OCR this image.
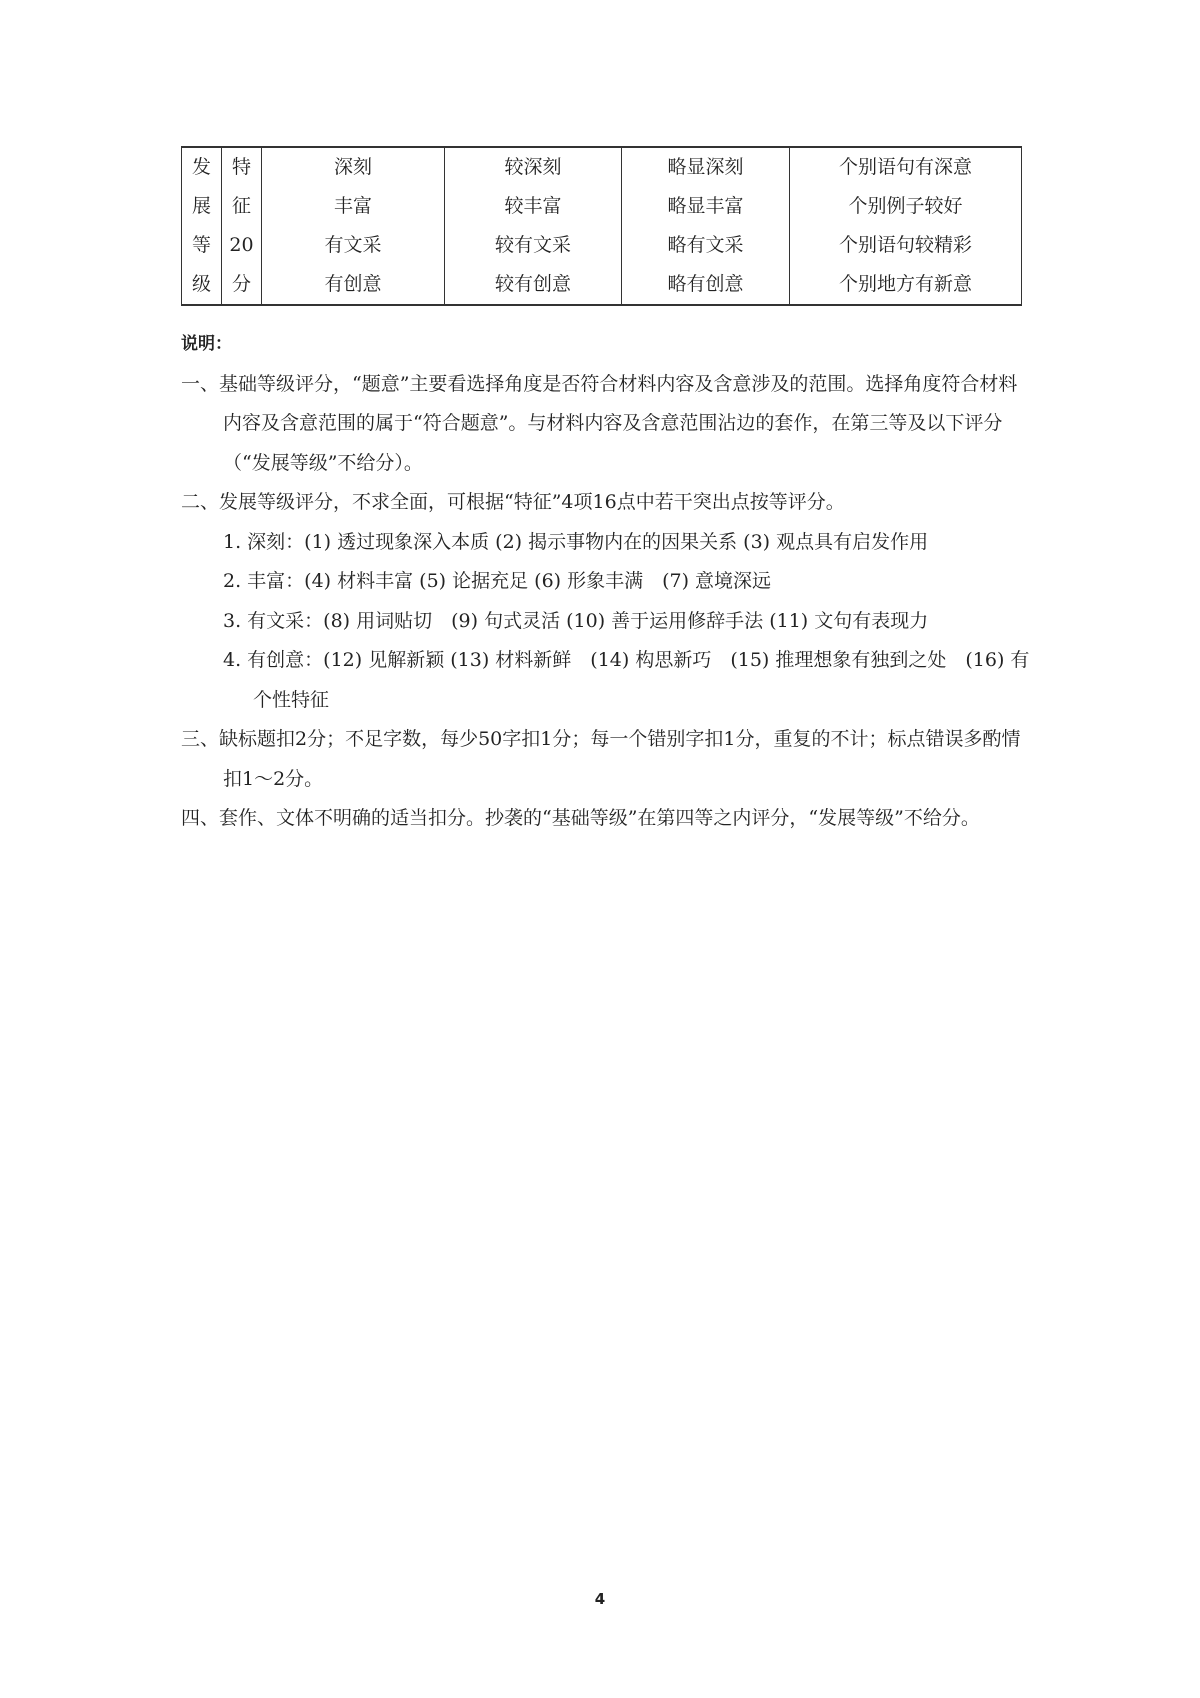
发	特	深刻	较深刻	略显深刻	个别语句有深意
展	征	丰富	较丰富	略显丰富	个别例子较好
等	20	有文采	较有文采	略有文采	个别语句较精彩
级	分	有创意	较有创意	略有创意	个别地方有新意
说明：
一、基础等级评分，“题意”主要看选择角度是否符合材料内容及含意涉及的范围。选择角度符合材料内容及含意范围的属于“符合题意”。与材料内容及含意范围沾边的套作，在第三等及以下评分（“发展等级”不给分）。
二、发展等级评分，不求全面，可根据“特征”4项16点中若干突出点按等评分。
1. 深刻：(1) 透过现象深入本质 (2) 揭示事物内在的因果关系 (3) 观点具有启发作用
2. 丰富：(4) 材料丰富 (5) 论据充足 (6) 形象丰满　(7) 意境深远
3. 有文采：(8) 用词贴切　(9) 句式灵活 (10) 善于运用修辞手法 (11) 文句有表现力
4. 有创意：(12) 见解新颖 (13) 材料新鲜　(14) 构思新巧　(15) 推理想象有独到之处　(16) 有个性特征
三、缺标题扣2分；不足字数，每少50字扣1分；每一个错别字扣1分，重复的不计；标点错误多酌情扣1～2分。
四、套作、文体不明确的适当扣分。抄袭的“基础等级”在第四等之内评分，“发展等级”不给分。
4
